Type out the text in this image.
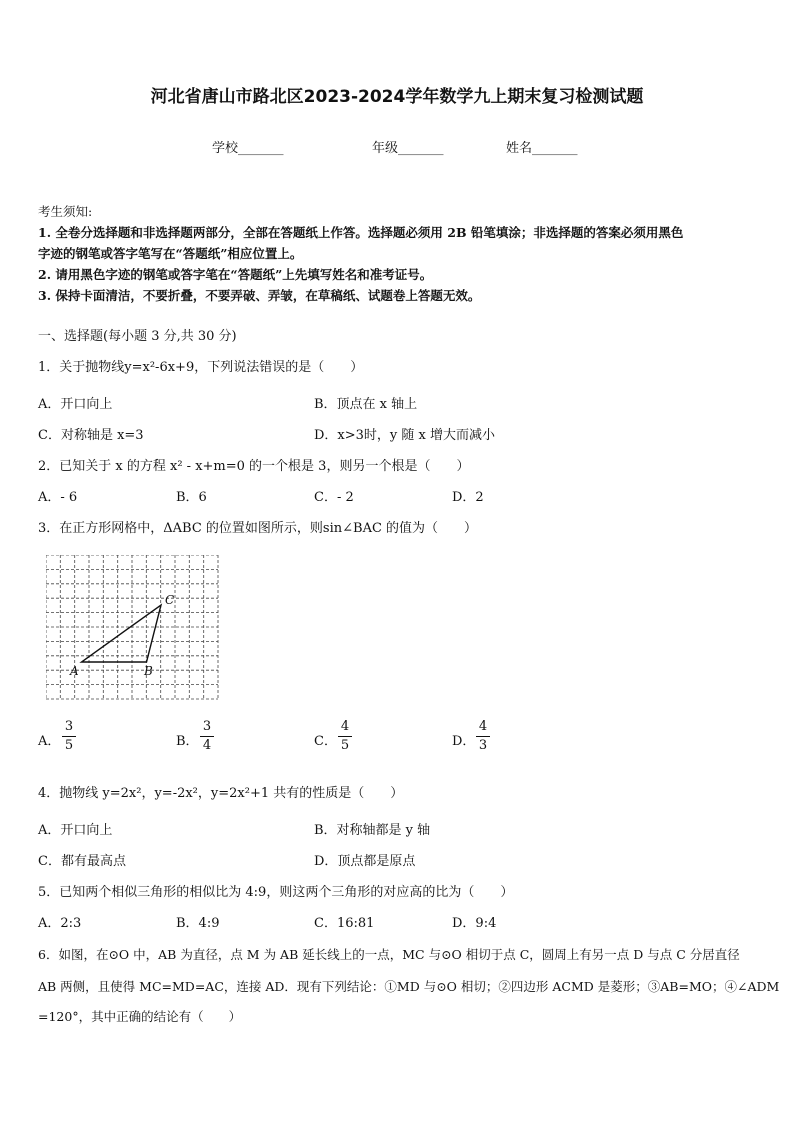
河北省唐山市路北区2023-2024学年数学九上期末复习检测试题
学校_______	年级_______	姓名_______
考生须知:
1. 全卷分选择题和非选择题两部分，全部在答题纸上作答。选择题必须用 2B 铅笔填涂；非选择题的答案必须用黑色
字迹的钢笔或答字笔写在“答题纸”相应位置上。
2. 请用黑色字迹的钢笔或答字笔在“答题纸”上先填写姓名和准考证号。
3. 保持卡面清洁，不要折叠，不要弄破、弄皱，在草稿纸、试题卷上答题无效。
一、选择题(每小题 3 分,共 30 分)
1．关于抛物线y=x²-6x+9，下列说法错误的是（　　）
A．开口向上	B．顶点在 x 轴上
C．对称轴是 x=3	D．x>3时，y 随 x 增大而减小
2．已知关于 x 的方程 x² - x+m=0 的一个根是 3，则另一个根是（　　）
A．- 6	B．6	C．- 2	D．2
3．在正方形网格中，ΔABC 的位置如图所示，则sin∠BAC 的值为（　　）
A	B
C
A．
3
5	B．
3
4	C．
4
5	D．
4
3
4．抛物线 y=2x²，y=-2x²，y=2x²+1 共有的性质是（　　）
A．开口向上	B．对称轴都是 y 轴
C．都有最高点	D．顶点都是原点
5．已知两个相似三角形的相似比为 4:9，则这两个三角形的对应高的比为（　　）
A．2:3	B．4:9	C．16:81	D．9:4
6．如图，在⊙O 中，AB 为直径，点 M 为 AB 延长线上的一点，MC 与⊙O 相切于点 C，圆周上有另一点 D 与点 C 分居直径
AB 两侧，且使得 MC=MD=AC，连接 AD．现有下列结论：①MD 与⊙O 相切；②四边形 ACMD 是菱形；③AB=MO；④∠ADM
=120°，其中正确的结论有（　　）
